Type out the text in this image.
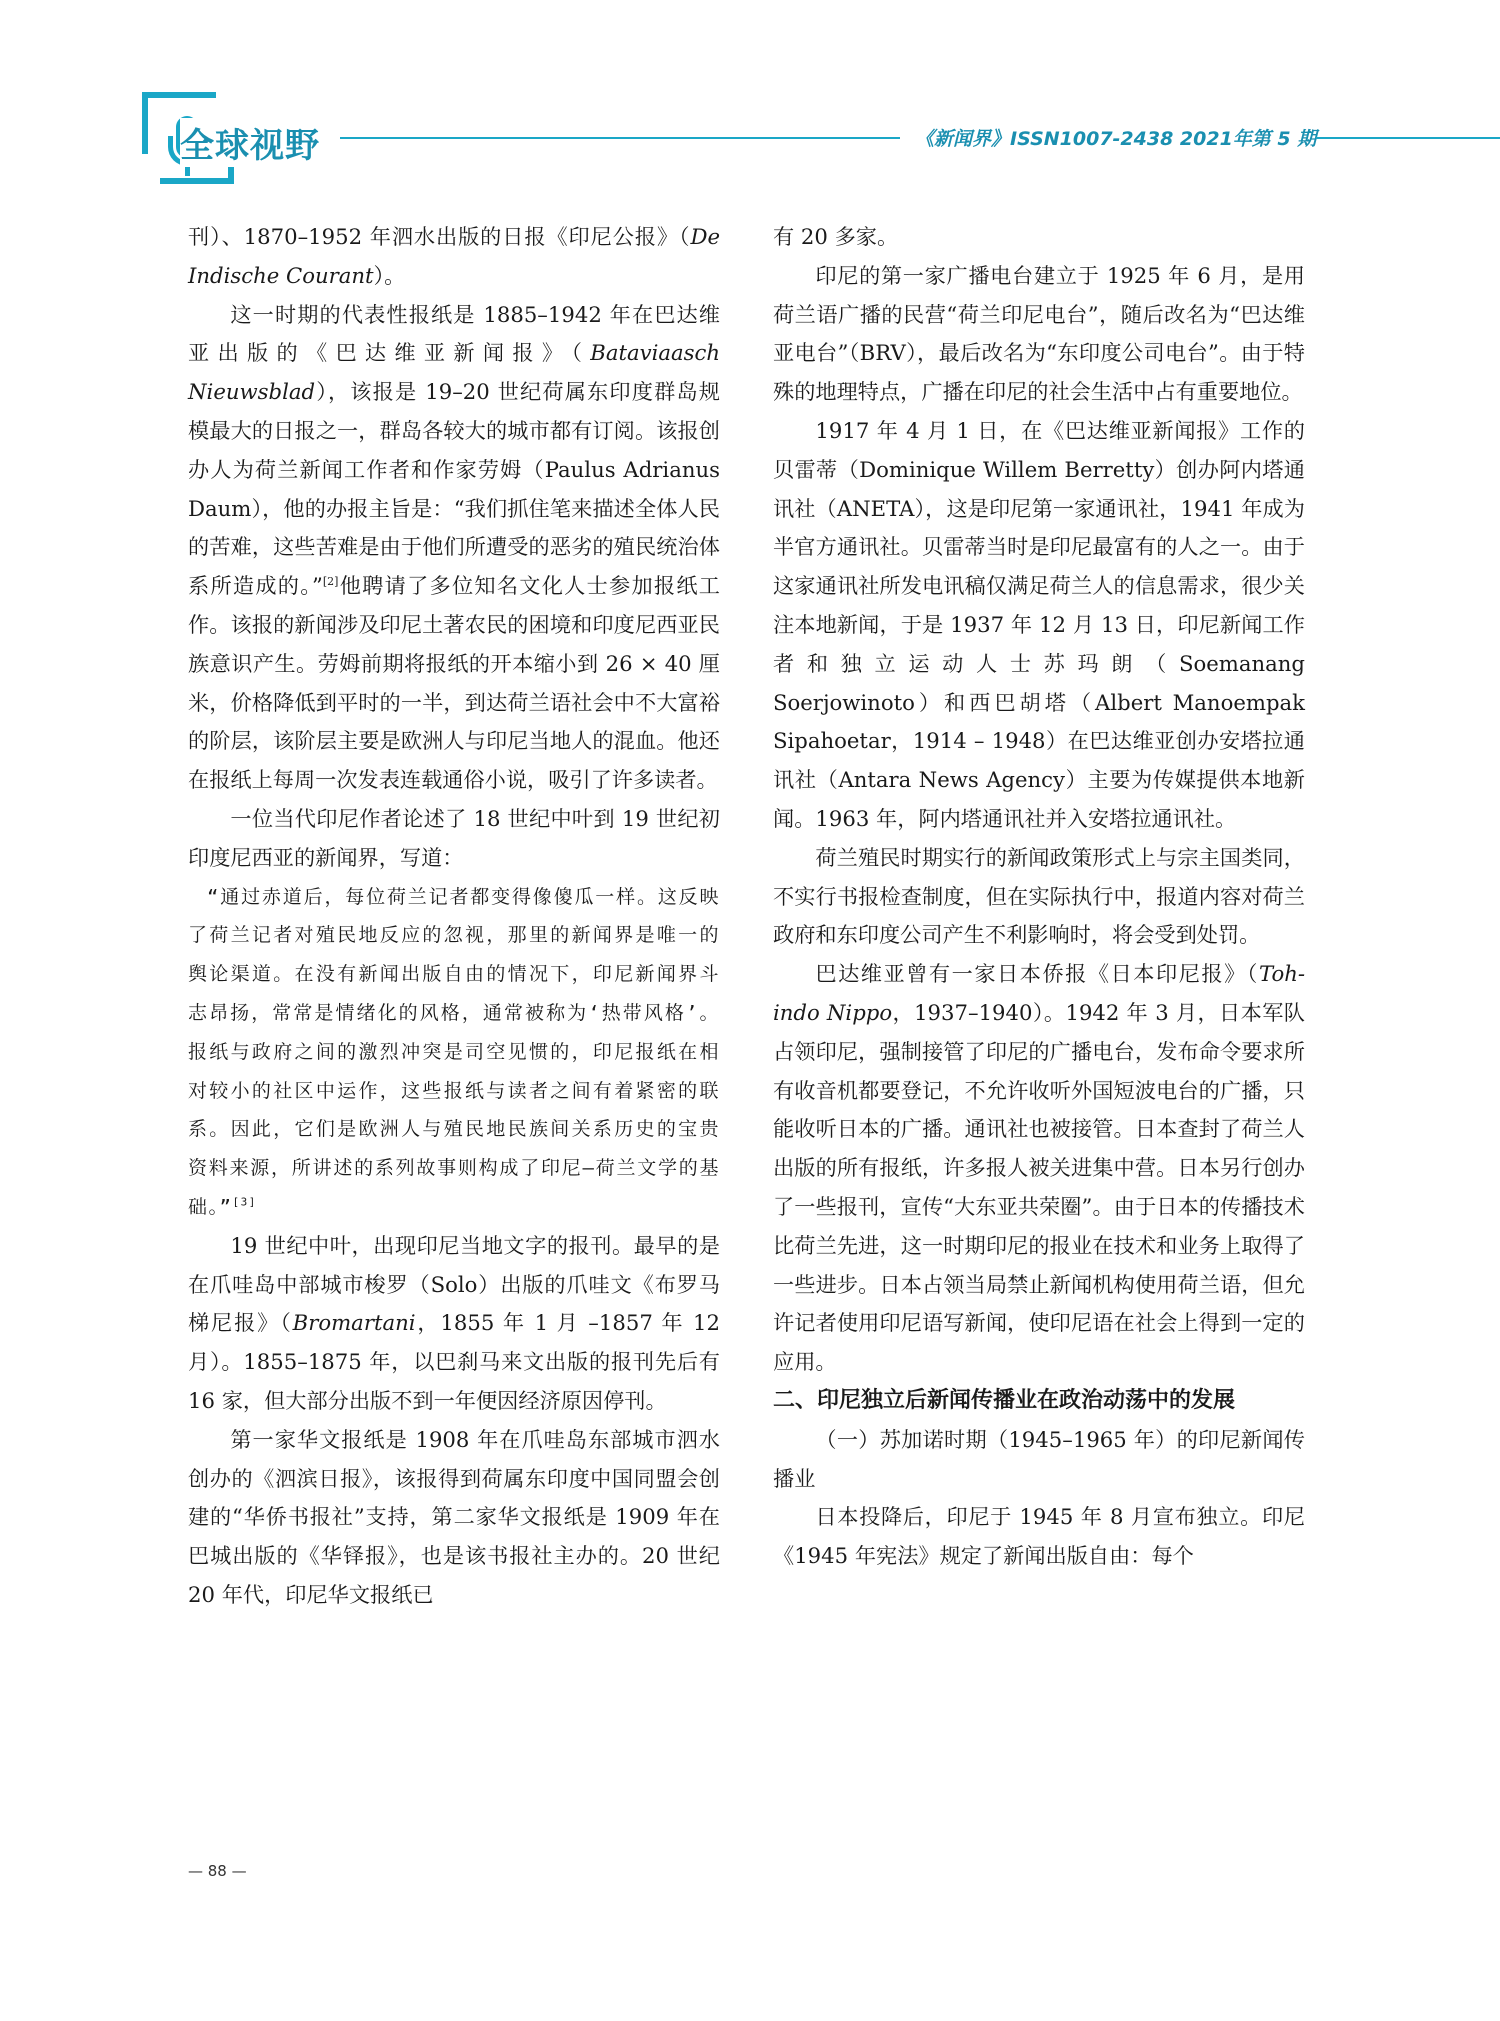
全球视野	《新闻界》ISSN1007-2438 2021年第 5 期

刊）、1870–1952 年泗水出版的日报《印尼公报》（De Indische Courant）。

这一时期的代表性报纸是 1885–1942 年在巴达维亚出版的《巴达维亚新闻报》（Bataviaasch Nieuwsblad），该报是 19–20 世纪荷属东印度群岛规模最大的日报之一，群岛各较大的城市都有订阅。该报创办人为荷兰新闻工作者和作家劳姆（Paulus Adrianus Daum），他的办报主旨是：“我们抓住笔来描述全体人民的苦难，这些苦难是由于他们所遭受的恶劣的殖民统治体系所造成的。”[2]他聘请了多位知名文化人士参加报纸工作。该报的新闻涉及印尼土著农民的困境和印度尼西亚民族意识产生。劳姆前期将报纸的开本缩小到 26 × 40 厘米，价格降低到平时的一半，到达荷兰语社会中不大富裕的阶层，该阶层主要是欧洲人与印尼当地人的混血。他还在报纸上每周一次发表连载通俗小说，吸引了许多读者。

一位当代印尼作者论述了 18 世纪中叶到 19 世纪初印度尼西亚的新闻界，写道：

“通过赤道后，每位荷兰记者都变得像傻瓜一样。这反映了荷兰记者对殖民地反应的忽视，那里的新闻界是唯一的舆论渠道。在没有新闻出版自由的情况下，印尼新闻界斗志昂扬，常常是情绪化的风格，通常被称为‘热带风格’。报纸与政府之间的激烈冲突是司空见惯的，印尼报纸在相对较小的社区中运作，这些报纸与读者之间有着紧密的联系。因此，它们是欧洲人与殖民地民族间关系历史的宝贵资料来源，所讲述的系列故事则构成了印尼–荷兰文学的基础。”[3]

19 世纪中叶，出现印尼当地文字的报刊。最早的是在爪哇岛中部城市梭罗（Solo）出版的爪哇文《布罗马梯尼报》（Bromartani，1855 年 1 月 –1857 年 12 月）。1855–1875 年，以巴刹马来文出版的报刊先后有 16 家，但大部分出版不到一年便因经济原因停刊。

第一家华文报纸是 1908 年在爪哇岛东部城市泗水创办的《泗滨日报》，该报得到荷属东印度中国同盟会创建的“华侨书报社”支持，第二家华文报纸是 1909 年在巴城出版的《华铎报》，也是该书报社主办的。20 世纪 20 年代，印尼华文报纸已

有 20 多家。

印尼的第一家广播电台建立于 1925 年 6 月，是用荷兰语广播的民营“荷兰印尼电台”，随后改名为“巴达维亚电台”（BRV），最后改名为“东印度公司电台”。由于特殊的地理特点，广播在印尼的社会生活中占有重要地位。

1917 年 4 月 1 日，在《巴达维亚新闻报》工作的贝雷蒂（Dominique Willem Berretty）创办阿内塔通讯社（ANETA），这是印尼第一家通讯社，1941 年成为半官方通讯社。贝雷蒂当时是印尼最富有的人之一。由于这家通讯社所发电讯稿仅满足荷兰人的信息需求，很少关注本地新闻，于是 1937 年 12 月 13 日，印尼新闻工作者和独立运动人士苏玛朗（Soemanang Soerjowinoto）和西巴胡塔（Albert Manoempak Sipahoetar，1914 – 1948）在巴达维亚创办安塔拉通讯社（Antara News Agency）主要为传媒提供本地新闻。1963 年，阿内塔通讯社并入安塔拉通讯社。

荷兰殖民时期实行的新闻政策形式上与宗主国类同，不实行书报检查制度，但在实际执行中，报道内容对荷兰政府和东印度公司产生不利影响时，将会受到处罚。

巴达维亚曾有一家日本侨报《日本印尼报》（Toh-indo Nippo，1937–1940）。1942 年 3 月，日本军队占领印尼，强制接管了印尼的广播电台，发布命令要求所有收音机都要登记，不允许收听外国短波电台的广播，只能收听日本的广播。通讯社也被接管。日本查封了荷兰人出版的所有报纸，许多报人被关进集中营。日本另行创办了一些报刊，宣传“大东亚共荣圈”。由于日本的传播技术比荷兰先进，这一时期印尼的报业在技术和业务上取得了一些进步。日本占领当局禁止新闻机构使用荷兰语，但允许记者使用印尼语写新闻，使印尼语在社会上得到一定的应用。

二、印尼独立后新闻传播业在政治动荡中的发展

（一）苏加诺时期（1945–1965 年）的印尼新闻传播业

日本投降后，印尼于 1945 年 8 月宣布独立。印尼《1945 年宪法》规定了新闻出版自由：每个

— 88 —
